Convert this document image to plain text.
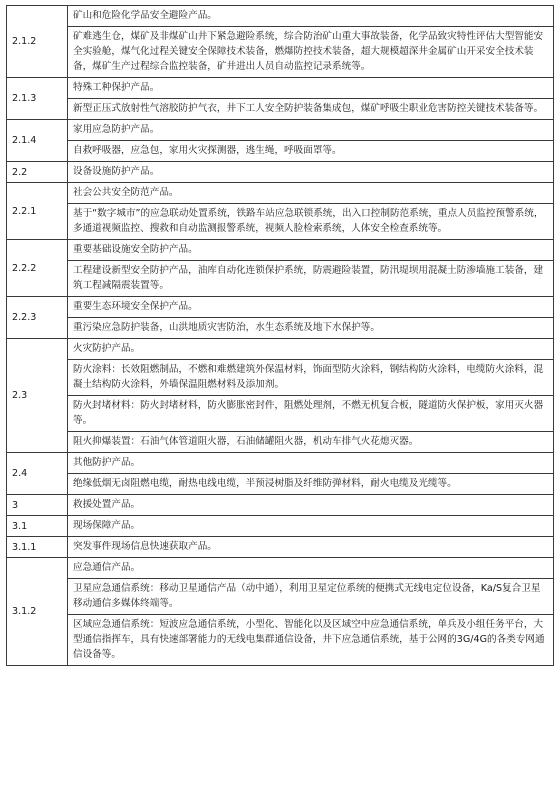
2.1.2	矿山和危险化学品安全避险产品。
	矿难逃生仓，煤矿及非煤矿山井下紧急避险系统，综合防治矿山重大事故装备，化学品致灾特性评估大型智能安全实验舱，煤气化过程关键安全保障技术装备，燃爆防控技术装备，超大规模超深井金属矿山开采安全技术装备，煤矿生产过程综合监控装备，矿井进出人员自动监控记录系统等。
2.1.3	特殊工种保护产品。
	新型正压式放射性气溶胶防护气衣，井下工人安全防护装备集成包，煤矿呼吸尘职业危害防控关键技术装备等。
2.1.4	家用应急防护产品。
	自救呼吸器，应急包，家用火灾探测器，逃生绳，呼吸面罩等。
2.2	设备设施防护产品。
2.2.1	社会公共安全防范产品。
	基于“数字城市”的应急联动处置系统，铁路车站应急联锁系统，出入口控制防范系统，重点人员监控预警系统，多通道视频监控、搜救和自动监测报警系统，视频人脸检索系统，人体安全检查系统等。
2.2.2	重要基础设施安全防护产品。
	工程建设新型安全防护产品，油库自动化连锁保护系统，防震避险装置，防汛堤坝用混凝土防渗墙施工装备，建筑工程减隔震装置等。
2.2.3	重要生态环境安全保护产品。
	重污染应急防护装备，山洪地质灾害防治，水生态系统及地下水保护等。
2.3	火灾防护产品。
	防火涂料：长效阻燃制品，不燃和难燃建筑外保温材料，饰面型防火涂料，钢结构防火涂料，电缆防火涂料，混凝土结构防火涂料，外墙保温阻燃材料及添加剂。
	防火封堵材料：防火封堵材料，防火膨胀密封件，阻燃处理剂，不燃无机复合板，隧道防火保护板，家用灭火器等。
	阻火抑爆装置：石油气体管道阻火器，石油储罐阻火器，机动车排气火花熄灭器。
2.4	其他防护产品。
	绝缘低烟无卤阻燃电缆，耐热电线电缆，半预浸树脂及纤维防弹材料，耐火电缆及光缆等。
3	救援处置产品。
3.1	现场保障产品。
3.1.1	突发事件现场信息快速获取产品。
3.1.2	应急通信产品。
	卫星应急通信系统：移动卫星通信产品（动中通），利用卫星定位系统的便携式无线电定位设备，Ka/S复合卫星移动通信多媒体终端等。
	区域应急通信系统：短波应急通信系统，小型化、智能化以及区域空中应急通信系统，单兵及小组任务平台，大型通信指挥车，具有快速部署能力的无线电集群通信设备，井下应急通信系统，基于公网的3G/4G的各类专网通信设备等。
